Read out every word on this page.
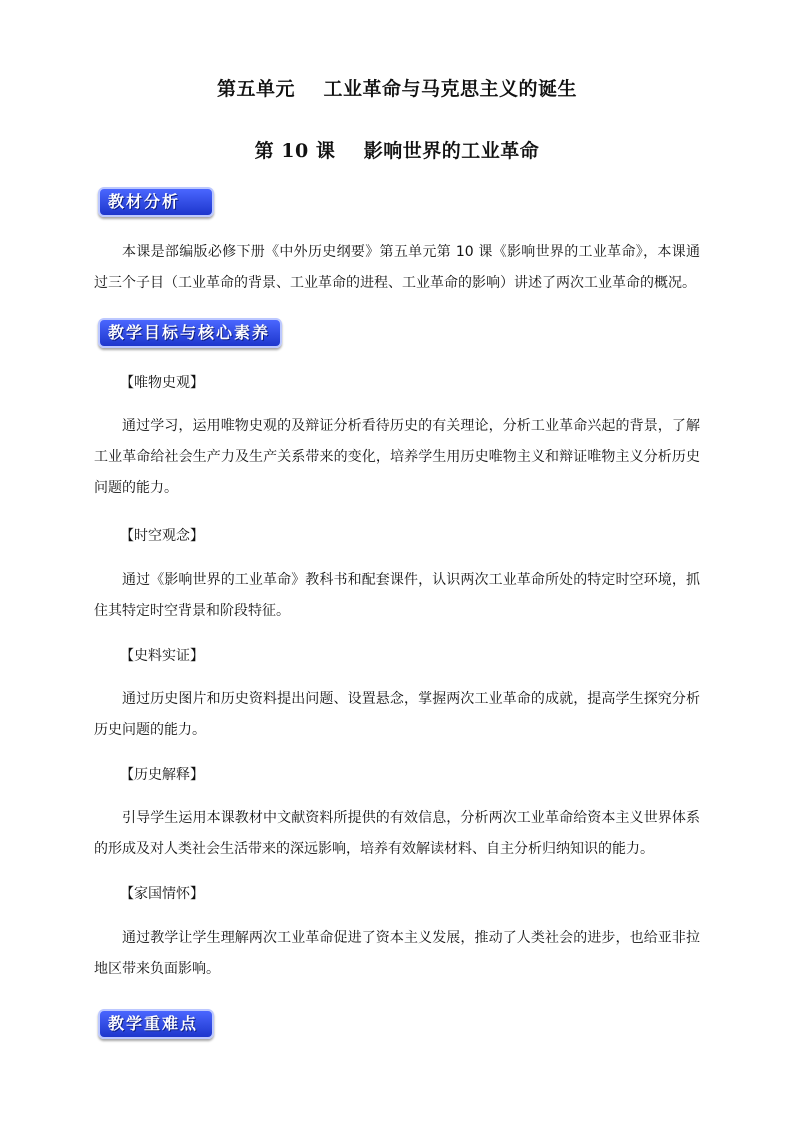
第五单元    工业革命与马克思主义的诞生
第 10 课    影响世界的工业革命
教材分析
本课是部编版必修下册《中外历史纲要》第五单元第 10 课《影响世界的工业革命》，本课通过三个子目（工业革命的背景、工业革命的进程、工业革命的影响）讲述了两次工业革命的概况。
教学目标与核心素养
【唯物史观】
通过学习，运用唯物史观的及辩证分析看待历史的有关理论，分析工业革命兴起的背景，了解工业革命给社会生产力及生产关系带来的变化，培养学生用历史唯物主义和辩证唯物主义分析历史问题的能力。
【时空观念】
通过《影响世界的工业革命》教科书和配套课件，认识两次工业革命所处的特定时空环境，抓住其特定时空背景和阶段特征。
【史料实证】
通过历史图片和历史资料提出问题、设置悬念，掌握两次工业革命的成就，提高学生探究分析历史问题的能力。
【历史解释】
引导学生运用本课教材中文献资料所提供的有效信息，分析两次工业革命给资本主义世界体系的形成及对人类社会生活带来的深远影响，培养有效解读材料、自主分析归纳知识的能力。
【家国情怀】
通过教学让学生理解两次工业革命促进了资本主义发展，推动了人类社会的进步，也给亚非拉地区带来负面影响。
教学重难点
